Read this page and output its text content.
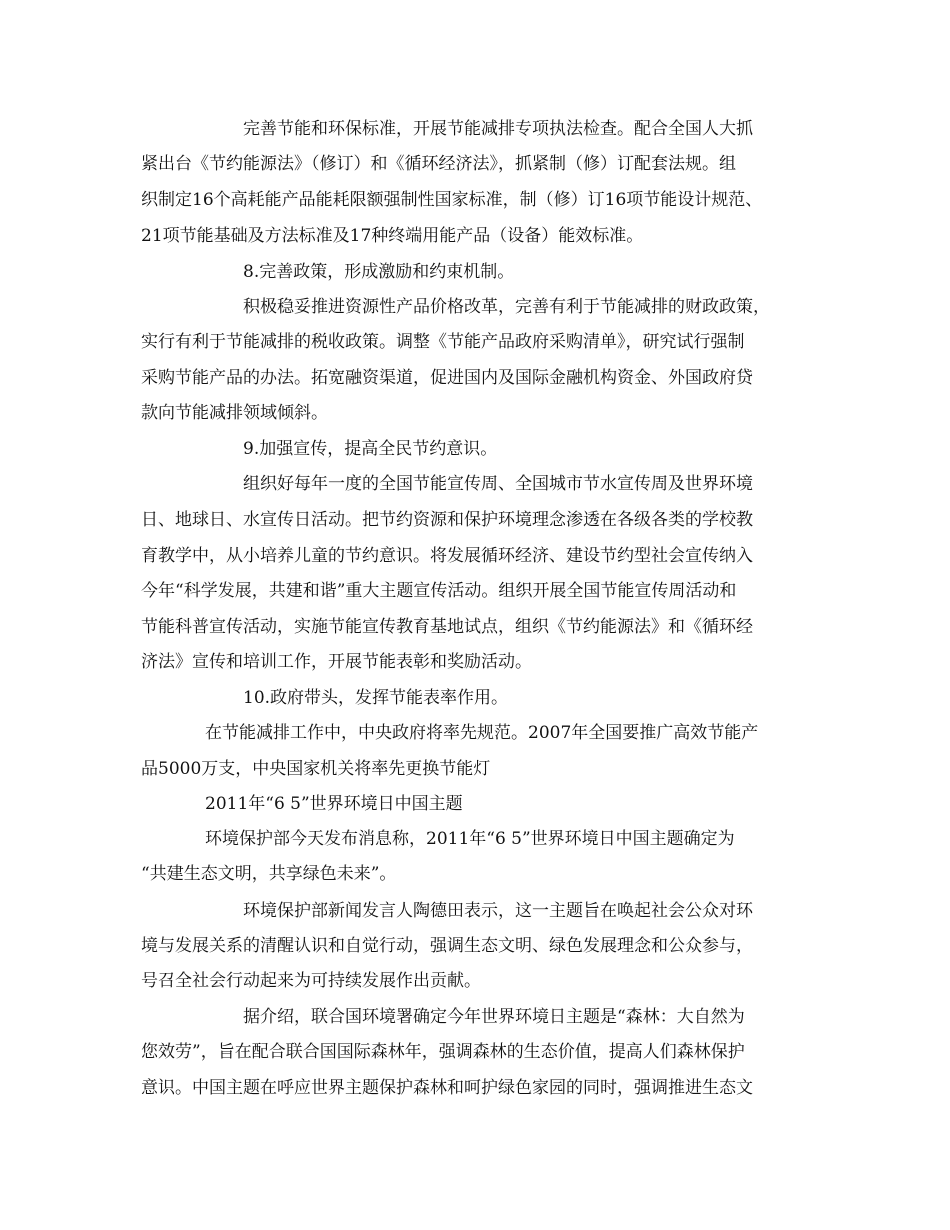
完善节能和环保标准，开展节能减排专项执法检查。配合全国人大抓
紧出台《节约能源法》（修订）和《循环经济法》，抓紧制（修）订配套法规。组
织制定16个高耗能产品能耗限额强制性国家标准，制（修）订16项节能设计规范、
21项节能基础及方法标准及17种终端用能产品（设备）能效标准。
8.完善政策，形成激励和约束机制。
积极稳妥推进资源性产品价格改革，完善有利于节能减排的财政政策，
实行有利于节能减排的税收政策。调整《节能产品政府采购清单》，研究试行强制
采购节能产品的办法。拓宽融资渠道，促进国内及国际金融机构资金、外国政府贷
款向节能减排领域倾斜。
9.加强宣传，提高全民节约意识。
组织好每年一度的全国节能宣传周、全国城市节水宣传周及世界环境
日、地球日、水宣传日活动。把节约资源和保护环境理念渗透在各级各类的学校教
育教学中，从小培养儿童的节约意识。将发展循环经济、建设节约型社会宣传纳入
今年“科学发展，共建和谐”重大主题宣传活动。组织开展全国节能宣传周活动和
节能科普宣传活动，实施节能宣传教育基地试点，组织《节约能源法》和《循环经
济法》宣传和培训工作，开展节能表彰和奖励活动。
10.政府带头，发挥节能表率作用。
在节能减排工作中，中央政府将率先规范。2007年全国要推广高效节能产
品5000万支，中央国家机关将率先更换节能灯
2011年“6 5”世界环境日中国主题
环境保护部今天发布消息称，2011年“6 5”世界环境日中国主题确定为
“共建生态文明，共享绿色未来”。
环境保护部新闻发言人陶德田表示，这一主题旨在唤起社会公众对环
境与发展关系的清醒认识和自觉行动，强调生态文明、绿色发展理念和公众参与，
号召全社会行动起来为可持续发展作出贡献。
据介绍，联合国环境署确定今年世界环境日主题是“森林：大自然为
您效劳”，旨在配合联合国国际森林年，强调森林的生态价值，提高人们森林保护
意识。中国主题在呼应世界主题保护森林和呵护绿色家园的同时，强调推进生态文
